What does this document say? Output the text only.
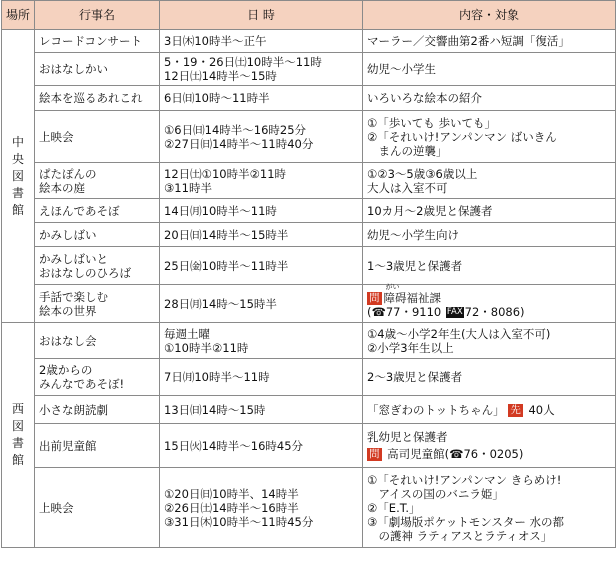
場所	行事名	日 時	内容・対象

中
央
図
書
館	レコードコンサート	3日㈭10時半～正午	マーラー／交響曲第2番ハ短調「復活」

	おはなしかい	5・19・26日㈯10時半～11時
12日㈯14時半～15時	幼児～小学生

	絵本を巡るあれこれ	6日㈰10時～11時半	いろいろな絵本の紹介

	上映会	①6日㈰14時半～16時25分
②27日㈰14時半～11時40分	①「歩いても 歩いても」
②「それいけ!アンパンマン ばいきん
　まんの逆襲」

	ぱたぽんの
絵本の庭	12日㈯①10時半②11時
③11時半	①②3～5歳③6歳以上
大人は入室不可

	えほんであそぼ	14日㈪10時半～11時	10カ月～2歳児と保護者

	かみしばい	20日㈰14時半～15時半	幼児～小学生向け

	かみしばいと
おはなしのひろば	25日㈮10時半～11時半	1～3歳児と保護者

	手話で楽しむ
絵本の世界	28日㈪14時～15時半	問
がい
障碍福祉課
(☎77・9110 FAX 72・8086)

西
図
書
館	おはなし会	毎週土曜
①10時半②11時	①4歳～小学2年生(大人は入室不可)
②小学3年生以上

	2歳からの
みんなであそぼ!	7日㈪10時半～11時	2～3歳児と保護者

	小さな朗読劇	13日㈰14時～15時	「窓ぎわのトットちゃん」 先 40人

	出前児童館	15日㈫14時半～16時45分	乳幼児と保護者
問 高司児童館(☎76・0205)

	上映会	①20日㈰10時半、14時半
②26日㈯14時半～16時半
③31日㈭10時半～11時45分	①「それいけ!アンパンマン きらめけ!
　アイスの国のバニラ姫」
②「E.T.」
③「劇場版ポケットモンスター 水の都
　の護神 ラティアスとラティオス」
